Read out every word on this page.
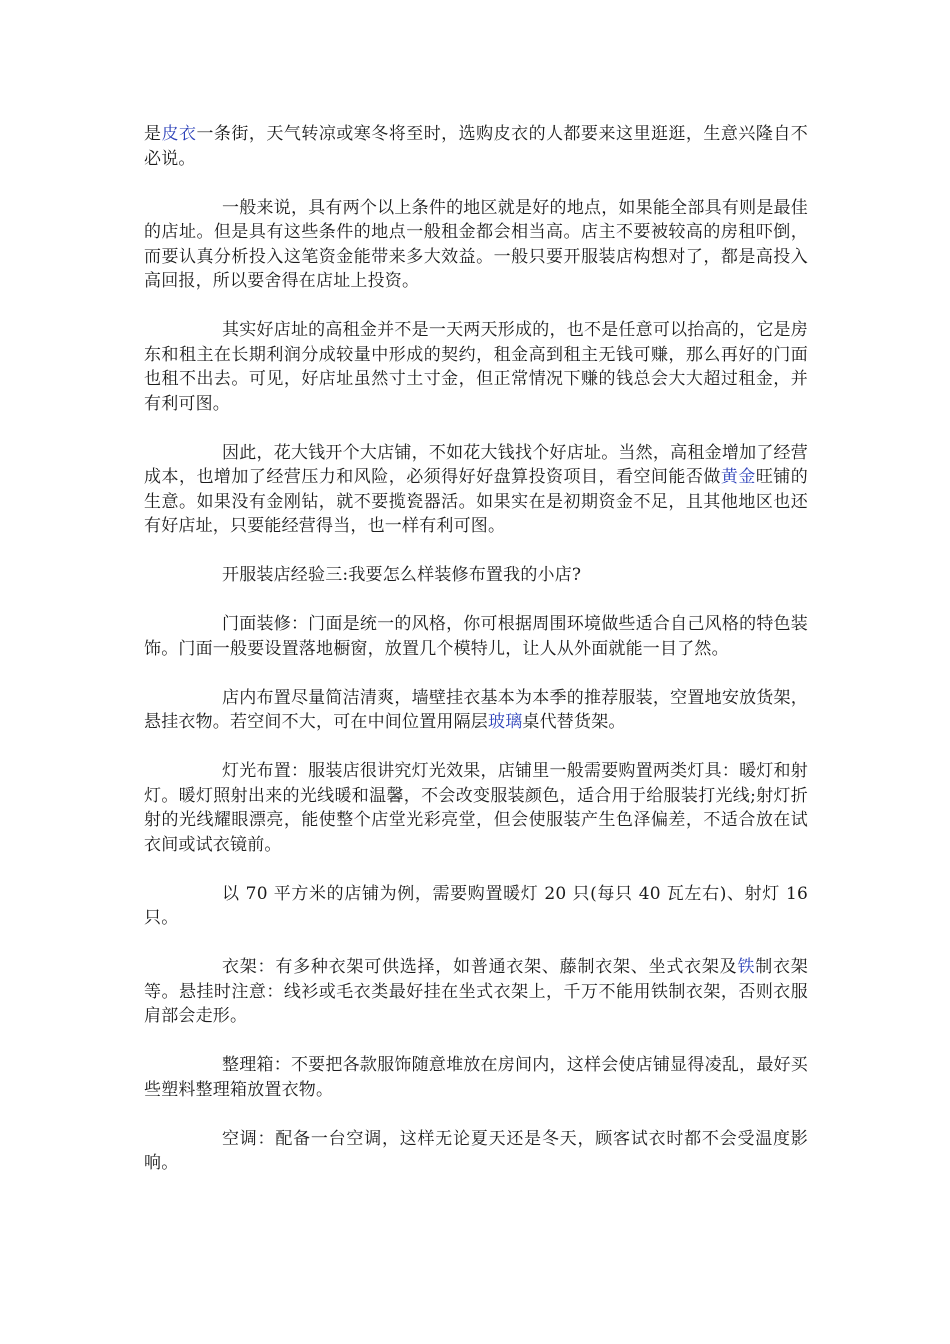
是皮衣一条街，天气转凉或寒冬将至时，选购皮衣的人都要来这里逛逛，生意兴隆自不必说。

一般来说，具有两个以上条件的地区就是好的地点，如果能全部具有则是最佳的店址。但是具有这些条件的地点一般租金都会相当高。店主不要被较高的房租吓倒，而要认真分析投入这笔资金能带来多大效益。一般只要开服装店构想对了，都是高投入高回报，所以要舍得在店址上投资。

其实好店址的高租金并不是一天两天形成的，也不是任意可以抬高的，它是房东和租主在长期利润分成较量中形成的契约，租金高到租主无钱可赚，那么再好的门面也租不出去。可见，好店址虽然寸土寸金，但正常情况下赚的钱总会大大超过租金，并有利可图。

因此，花大钱开个大店铺，不如花大钱找个好店址。当然，高租金增加了经营成本，也增加了经营压力和风险，必须得好好盘算投资项目，看空间能否做黄金旺铺的生意。如果没有金刚钻，就不要揽瓷器活。如果实在是初期资金不足，且其他地区也还有好店址，只要能经营得当，也一样有利可图。

开服装店经验三:我要怎么样装修布置我的小店?

门面装修：门面是统一的风格，你可根据周围环境做些适合自己风格的特色装饰。门面一般要设置落地橱窗，放置几个模特儿，让人从外面就能一目了然。

店内布置尽量简洁清爽，墙壁挂衣基本为本季的推荐服装，空置地安放货架，悬挂衣物。若空间不大，可在中间位置用隔层玻璃桌代替货架。

灯光布置：服装店很讲究灯光效果，店铺里一般需要购置两类灯具：暖灯和射灯。暖灯照射出来的光线暖和温馨，不会改变服装颜色，适合用于给服装打光线;射灯折射的光线耀眼漂亮，能使整个店堂光彩亮堂，但会使服装产生色泽偏差，不适合放在试衣间或试衣镜前。

以 70 平方米的店铺为例，需要购置暖灯 20 只(每只 40 瓦左右)、射灯 16 只。

衣架：有多种衣架可供选择，如普通衣架、藤制衣架、坐式衣架及铁制衣架等。悬挂时注意：线衫或毛衣类最好挂在坐式衣架上，千万不能用铁制衣架，否则衣服肩部会走形。

整理箱：不要把各款服饰随意堆放在房间内，这样会使店铺显得凌乱，最好买些塑料整理箱放置衣物。

空调：配备一台空调，这样无论夏天还是冬天，顾客试衣时都不会受温度影响。
